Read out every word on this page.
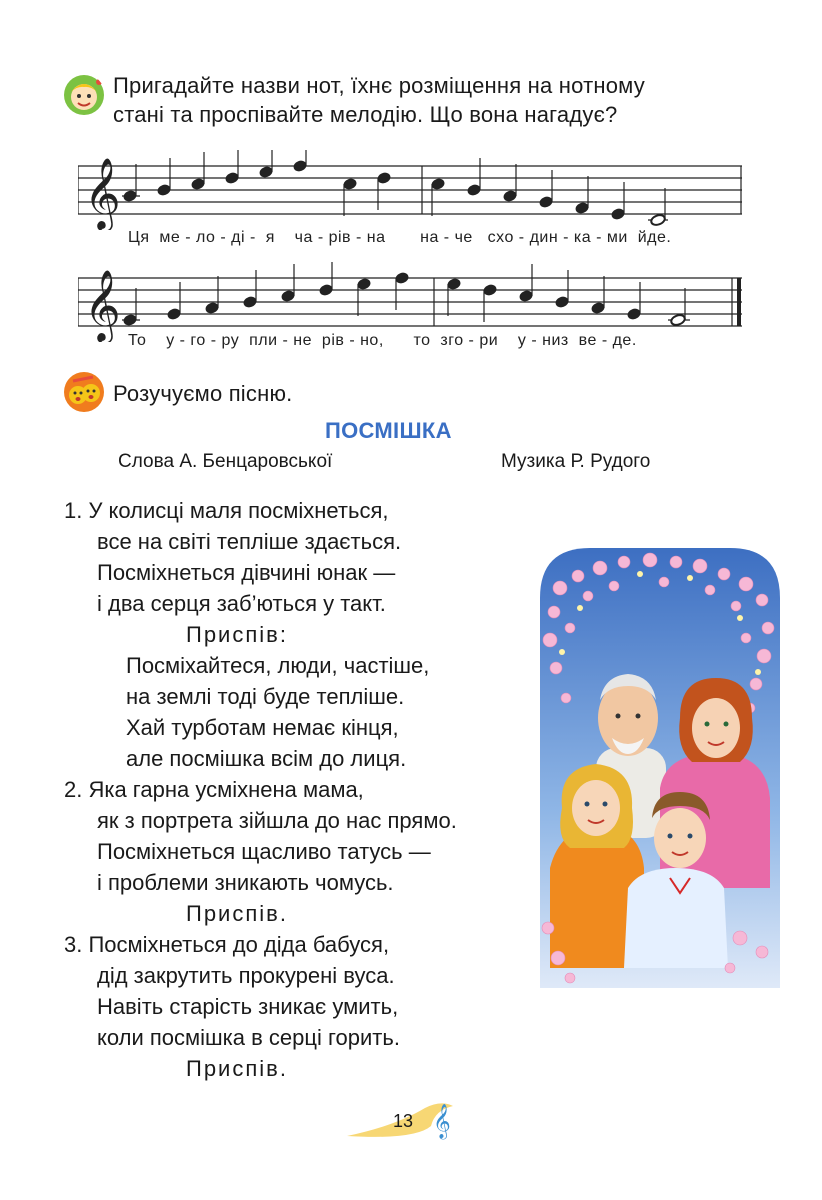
Пригадайте назви нот, їхнє розміщення на нотному
стані та проспівайте мелодію. Що вона нагадує?
𝄞
Ця  ме - ло - ді -  я    ча - рів - на       на - че   схо - дин - ка - ми  йде.
𝄞 То    у - го - ру  пли - не  рів - но,      то  зго - ри    у - низ  ве - де.
Розучуємо пісню.
ПОСМІШКА
Слова А. Бенцаровської	Музика Р. Рудого
1. У колисці маля посміхнеться,
все на світі тепліше здається.
Посміхнеться дівчині юнак —
і два серця заб’ються у такт.
Приспів:
Посміхайтеся, люди, частіше,
на землі тоді буде тепліше.
Хай турботам немає кінця,
але посмішка всім до лиця.
2. Яка гарна усміхнена мама,
як з портрета зійшла до нас прямо.
Посміхнеться щасливо татусь —
і проблеми зникають чомусь.
Приспів.
3. Посміхнеться до діда бабуся,
дід закрутить прокурені вуса.
Навіть старість зникає умить,
коли посмішка в серці горить.
Приспів.
13 𝄞
